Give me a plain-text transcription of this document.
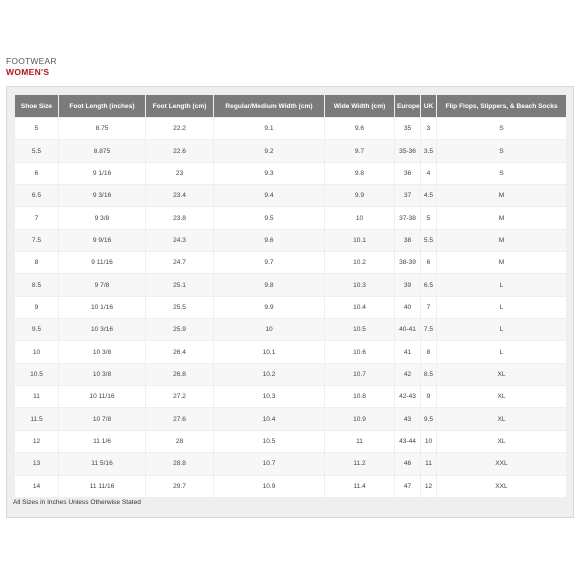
FOOTWEAR
WOMEN'S
Shoe Size	Foot Length (inches)	Foot Length (cm)	Regular/Medium Width (cm)	Wide Width (cm)	Europe	UK	Flip Flops, Slippers, & Beach Socks
5	8.75	22.2	9.1	9.6	35	3	S
5.5	8.875	22.6	9.2	9.7	35-36	3.5	S
6	9 1/16	23	9.3	9.8	36	4	S
6.5	9 3/16	23.4	9.4	9.9	37	4.5	M
7	9 3/8	23.8	9.5	10	37-38	5	M
7.5	9 9/16	24.3	9.6	10.1	38	5.5	M
8	9 11/16	24.7	9.7	10.2	38-39	6	M
8.5	9 7/8	25.1	9.8	10.3	39	6.5	L
9	10 1/16	25.5	9.9	10.4	40	7	L
9.5	10 3/16	25.9	10	10.5	40-41	7.5	L
10	10 3/8	26.4	10.1	10.6	41	8	L
10.5	10 3/8	26.8	10.2	10.7	42	8.5	XL
11	10 11/16	27.2	10.3	10.8	42-43	9	XL
11.5	10 7/8	27.6	10.4	10.9	43	9.5	XL
12	11 1/6	28	10.5	11	43-44	10	XL
13	11 5/16	28.8	10.7	11.2	46	11	XXL
14	11 11/16	29.7	10.9	11.4	47	12	XXL
All Sizes in Inches Unless Otherwise Stated
